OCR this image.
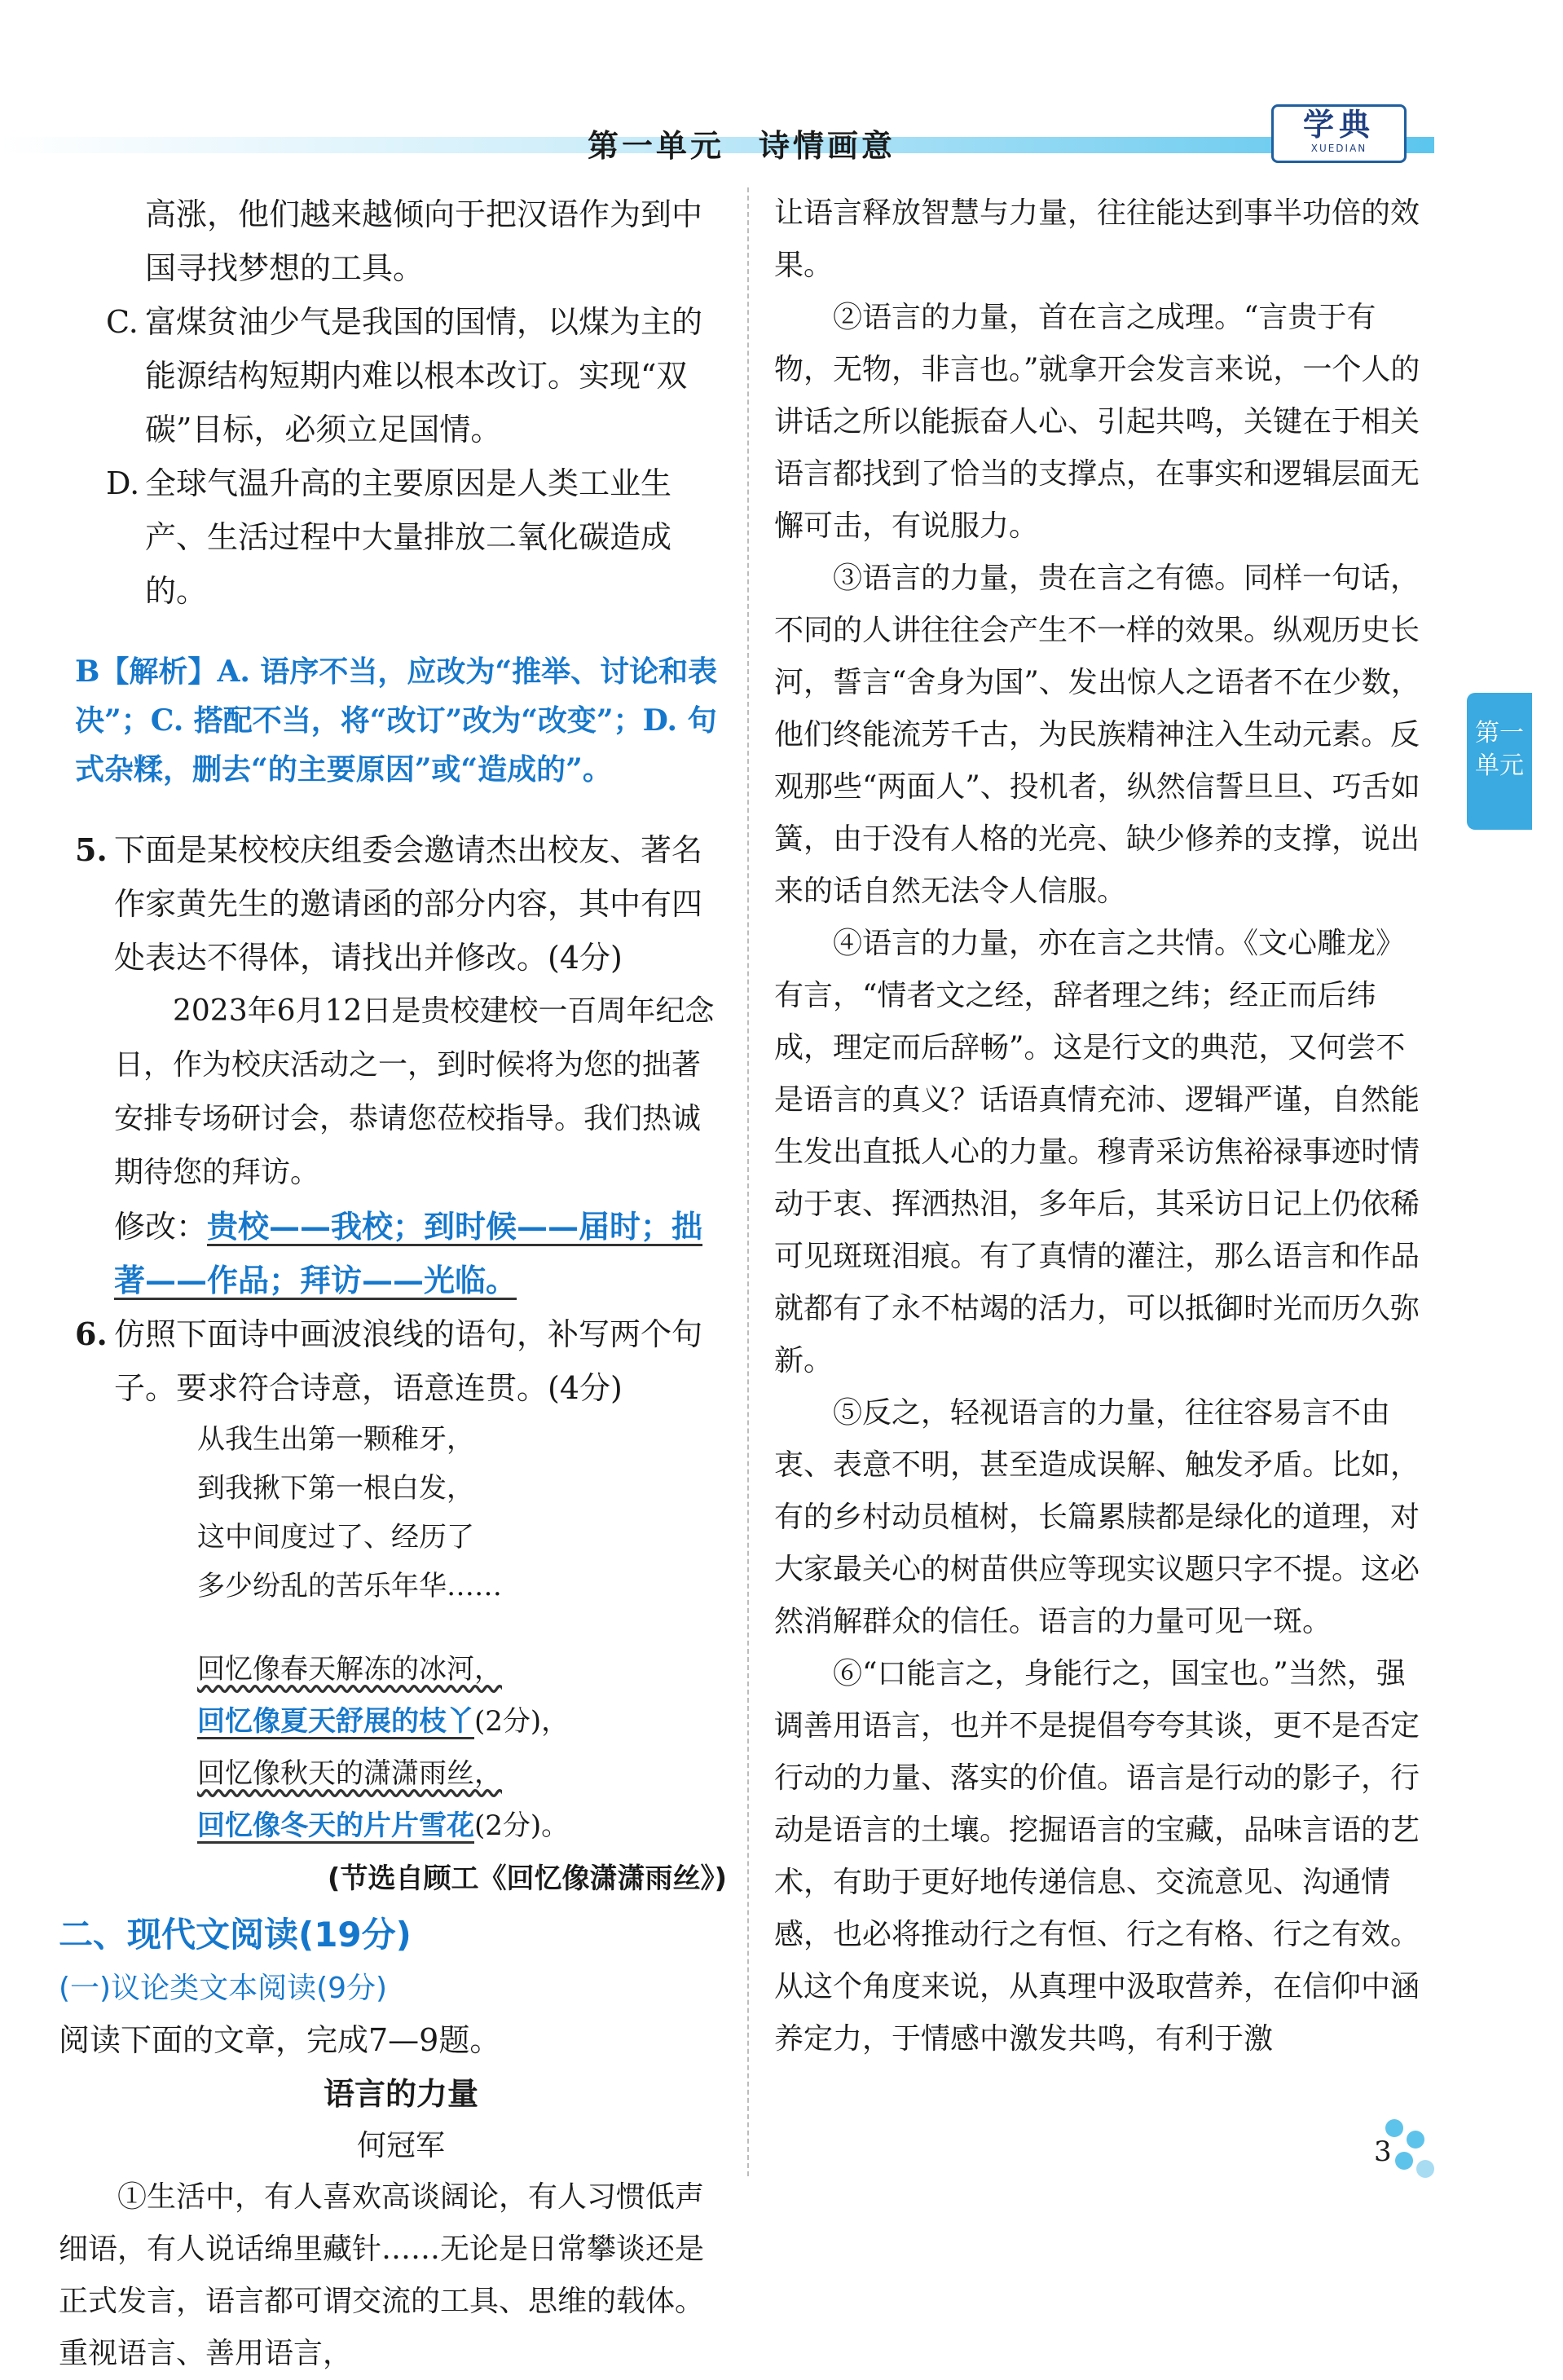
第一单元　诗情画意
学典
XUEDIAN
第一
单元

高涨，他们越来越倾向于把汉语作为到中国寻找梦想的工具。

C. 富煤贫油少气是我国的国情，以煤为主的能源结构短期内难以根本改订。实现“双碳”目标，必须立足国情。
D. 全球气温升高的主要原因是人类工业生产、生活过程中大量排放二氧化碳造成的。

B【解析】A. 语序不当，应改为“推举、讨论和表决”；C. 搭配不当，将“改订”改为“改变”；D. 句式杂糅，删去“的主要原因”或“造成的”。

5. 下面是某校校庆组委会邀请杰出校友、著名作家黄先生的邀请函的部分内容，其中有四处表达不得体，请找出并修改。(4分)

2023年6月12日是贵校建校一百周年纪念日，作为校庆活动之一，到时候将为您的拙著安排专场研讨会，恭请您莅校指导。我们热诚期待您的拜访。

修改：贵校——我校；到时候——届时；拙著——作品；拜访——光临。

6. 仿照下面诗中画波浪线的语句，补写两个句子。要求符合诗意，语意连贯。(4分)
从我生出第一颗稚牙，
到我揪下第一根白发，
这中间度过了、经历了
多少纷乱的苦乐年华……
回忆像春天解冻的冰河，
回忆像夏天舒展的枝丫(2分)，
回忆像秋天的潇潇雨丝，
回忆像冬天的片片雪花(2分)。
(节选自顾工《回忆像潇潇雨丝》)

二、现代文阅读(19分)

(一)议论类文本阅读(9分)

阅读下面的文章，完成7—9题。

语言的力量

何冠军

①生活中，有人喜欢高谈阔论，有人习惯低声细语，有人说话绵里藏针……无论是日常攀谈还是正式发言，语言都可谓交流的工具、思维的载体。重视语言、善用语言，

让语言释放智慧与力量，往往能达到事半功倍的效果。

②语言的力量，首在言之成理。“言贵于有物，无物，非言也。”就拿开会发言来说，一个人的讲话之所以能振奋人心、引起共鸣，关键在于相关语言都找到了恰当的支撑点，在事实和逻辑层面无懈可击，有说服力。

③语言的力量，贵在言之有德。同样一句话，不同的人讲往往会产生不一样的效果。纵观历史长河，誓言“舍身为国”、发出惊人之语者不在少数，他们终能流芳千古，为民族精神注入生动元素。反观那些“两面人”、投机者，纵然信誓旦旦、巧舌如簧，由于没有人格的光亮、缺少修养的支撑，说出来的话自然无法令人信服。

④语言的力量，亦在言之共情。《文心雕龙》有言，“情者文之经，辞者理之纬；经正而后纬成，理定而后辞畅”。这是行文的典范，又何尝不是语言的真义？话语真情充沛、逻辑严谨，自然能生发出直抵人心的力量。穆青采访焦裕禄事迹时情动于衷、挥洒热泪，多年后，其采访日记上仍依稀可见斑斑泪痕。有了真情的灌注，那么语言和作品就都有了永不枯竭的活力，可以抵御时光而历久弥新。

⑤反之，轻视语言的力量，往往容易言不由衷、表意不明，甚至造成误解、触发矛盾。比如，有的乡村动员植树，长篇累牍都是绿化的道理，对大家最关心的树苗供应等现实议题只字不提。这必然消解群众的信任。语言的力量可见一斑。

⑥“口能言之，身能行之，国宝也。”当然，强调善用语言，也并不是提倡夸夸其谈，更不是否定行动的力量、落实的价值。语言是行动的影子，行动是语言的土壤。挖掘语言的宝藏，品味言语的艺术，有助于更好地传递信息、交流意见、沟通情感，也必将推动行之有恒、行之有格、行之有效。从这个角度来说，从真理中汲取营养，在信仰中涵养定力，于情感中激发共鸣，有利于激

3
